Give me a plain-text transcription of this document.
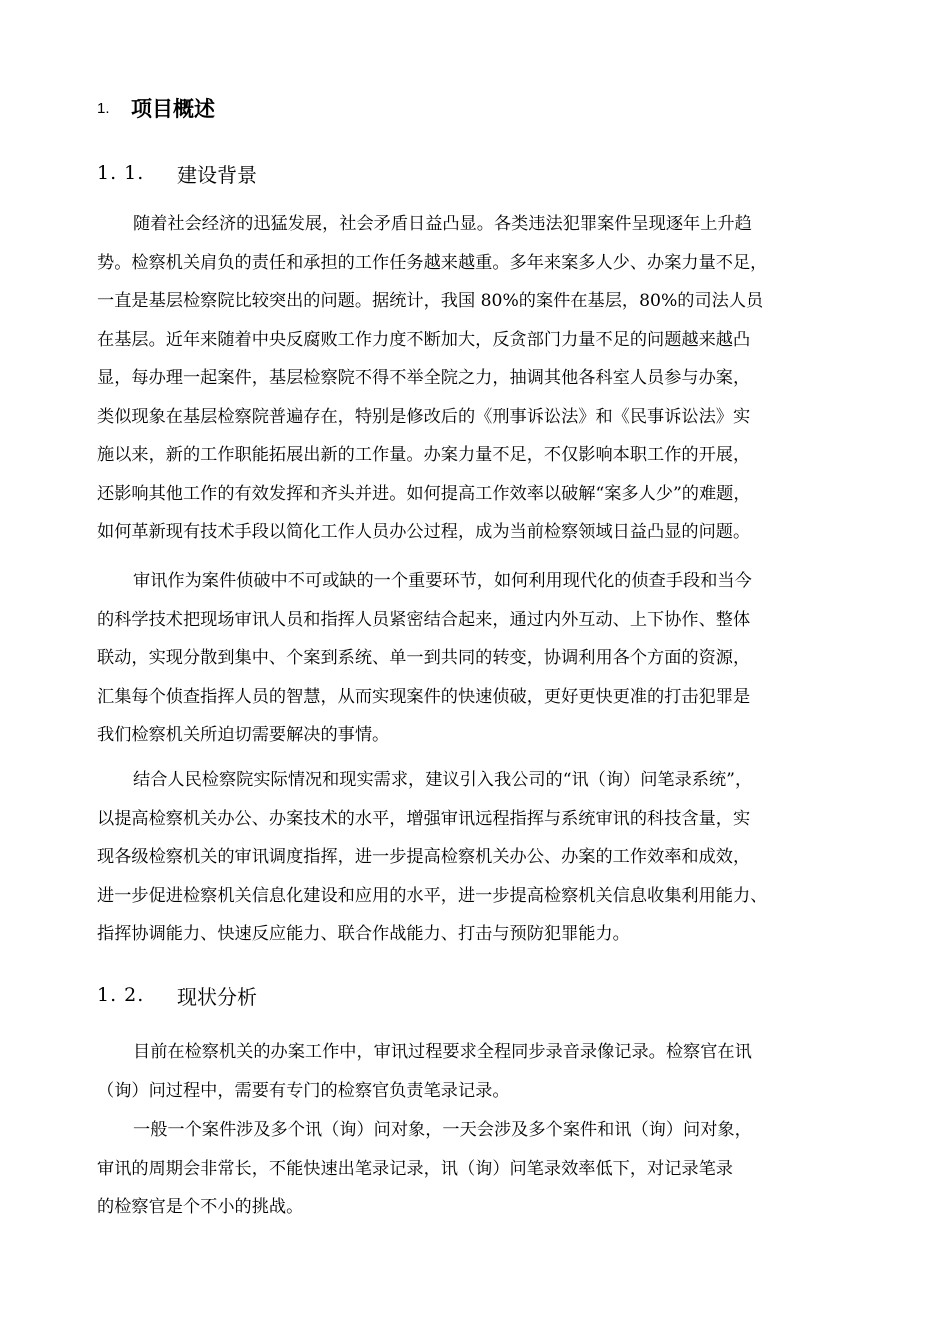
1.	项目概述
1. 1.	建设背景
随着社会经济的迅猛发展，社会矛盾日益凸显。各类违法犯罪案件呈现逐年上升趋
势。检察机关肩负的责任和承担的工作任务越来越重。多年来案多人少、办案力量不足，
一直是基层检察院比较突出的问题。据统计，我国 80%的案件在基层，80%的司法人员
在基层。近年来随着中央反腐败工作力度不断加大，反贪部门力量不足的问题越来越凸
显，每办理一起案件，基层检察院不得不举全院之力，抽调其他各科室人员参与办案，
类似现象在基层检察院普遍存在，特别是修改后的《刑事诉讼法》和《民事诉讼法》实
施以来，新的工作职能拓展出新的工作量。办案力量不足，不仅影响本职工作的开展，
还影响其他工作的有效发挥和齐头并进。如何提高工作效率以破解“案多人少”的难题，
如何革新现有技术手段以简化工作人员办公过程，成为当前检察领域日益凸显的问题。
审讯作为案件侦破中不可或缺的一个重要环节，如何利用现代化的侦查手段和当今
的科学技术把现场审讯人员和指挥人员紧密结合起来，通过内外互动、上下协作、整体
联动，实现分散到集中、个案到系统、单一到共同的转变，协调利用各个方面的资源，
汇集每个侦查指挥人员的智慧，从而实现案件的快速侦破，更好更快更准的打击犯罪是
我们检察机关所迫切需要解决的事情。
结合人民检察院实际情况和现实需求，建议引入我公司的“讯（询）问笔录系统”，
以提高检察机关办公、办案技术的水平，增强审讯远程指挥与系统审讯的科技含量，实
现各级检察机关的审讯调度指挥，进一步提高检察机关办公、办案的工作效率和成效，
进一步促进检察机关信息化建设和应用的水平，进一步提高检察机关信息收集利用能力、
指挥协调能力、快速反应能力、联合作战能力、打击与预防犯罪能力。
1. 2.	现状分析
目前在检察机关的办案工作中，审讯过程要求全程同步录音录像记录。检察官在讯
（询）问过程中，需要有专门的检察官负责笔录记录。
一般一个案件涉及多个讯（询）问对象，一天会涉及多个案件和讯（询）问对象，
审讯的周期会非常长，不能快速出笔录记录，讯（询）问笔录效率低下，对记录笔录
的检察官是个不小的挑战。
